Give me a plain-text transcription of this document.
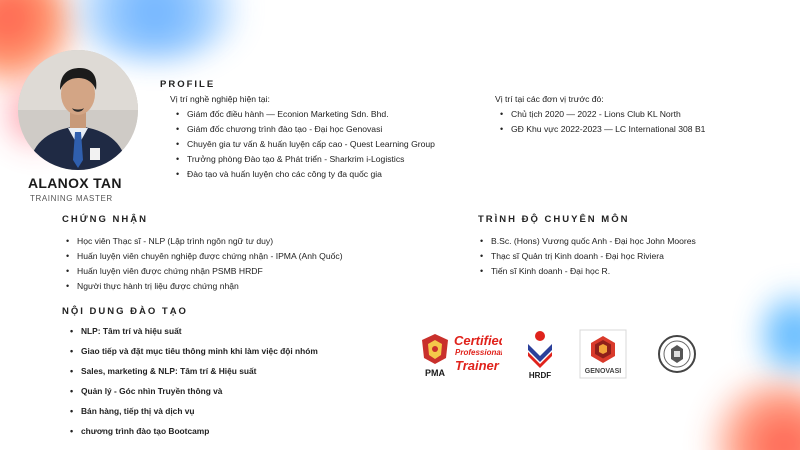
ALANOX TAN
TRAINING MASTER
PROFILE
Vị trí nghề nghiệp hiện tại:
• Giám đốc điều hành — Econion Marketing Sdn. Bhd.
• Giám đốc chương trình đào tạo - Đại học Genovasi
• Chuyên gia tư vấn & huấn luyện cấp cao - Quest Learning Group
• Trưởng phòng Đào tạo & Phát triển - Sharkrim i-Logistics
• Đào tạo và huấn luyện cho các công ty đa quốc gia
Vị trí tại các đơn vị trước đó:
• Chủ tịch 2020 — 2022 - Lions Club KL North
• GĐ Khu vực 2022-2023 — LC International 308 B1
CHỨNG NHẬN
• Học viên Thạc sĩ - NLP (Lập trình ngôn ngữ tư duy)
• Huấn luyện viên chuyên nghiệp được chứng nhận - IPMA (Anh Quốc)
• Huấn luyện viên được chứng nhận PSMB HRDF
• Người thực hành trị liệu được chứng nhận
TRÌNH ĐỘ CHUYÊN MÔN
• B.Sc. (Hons) Vương quốc Anh - Đại học John Moores
• Thạc sĩ Quản trị Kinh doanh - Đại học Riviera
• Tiến sĩ Kinh doanh - Đại học R.
NỘI DUNG ĐÀO TẠO
• NLP: Tâm trí và hiệu suất
• Giao tiếp và đặt mục tiêu thông minh khi làm việc đội nhóm
• Sales, marketing & NLP: Tâm trí & Hiệu suất
• Quản lý - Góc nhìn Truyền thông và
• Bán hàng, tiếp thị và dịch vụ
• chương trình đào tạo Bootcamp
PMA
Certified
Professional
Trainer
HRDF	GENOVASI
